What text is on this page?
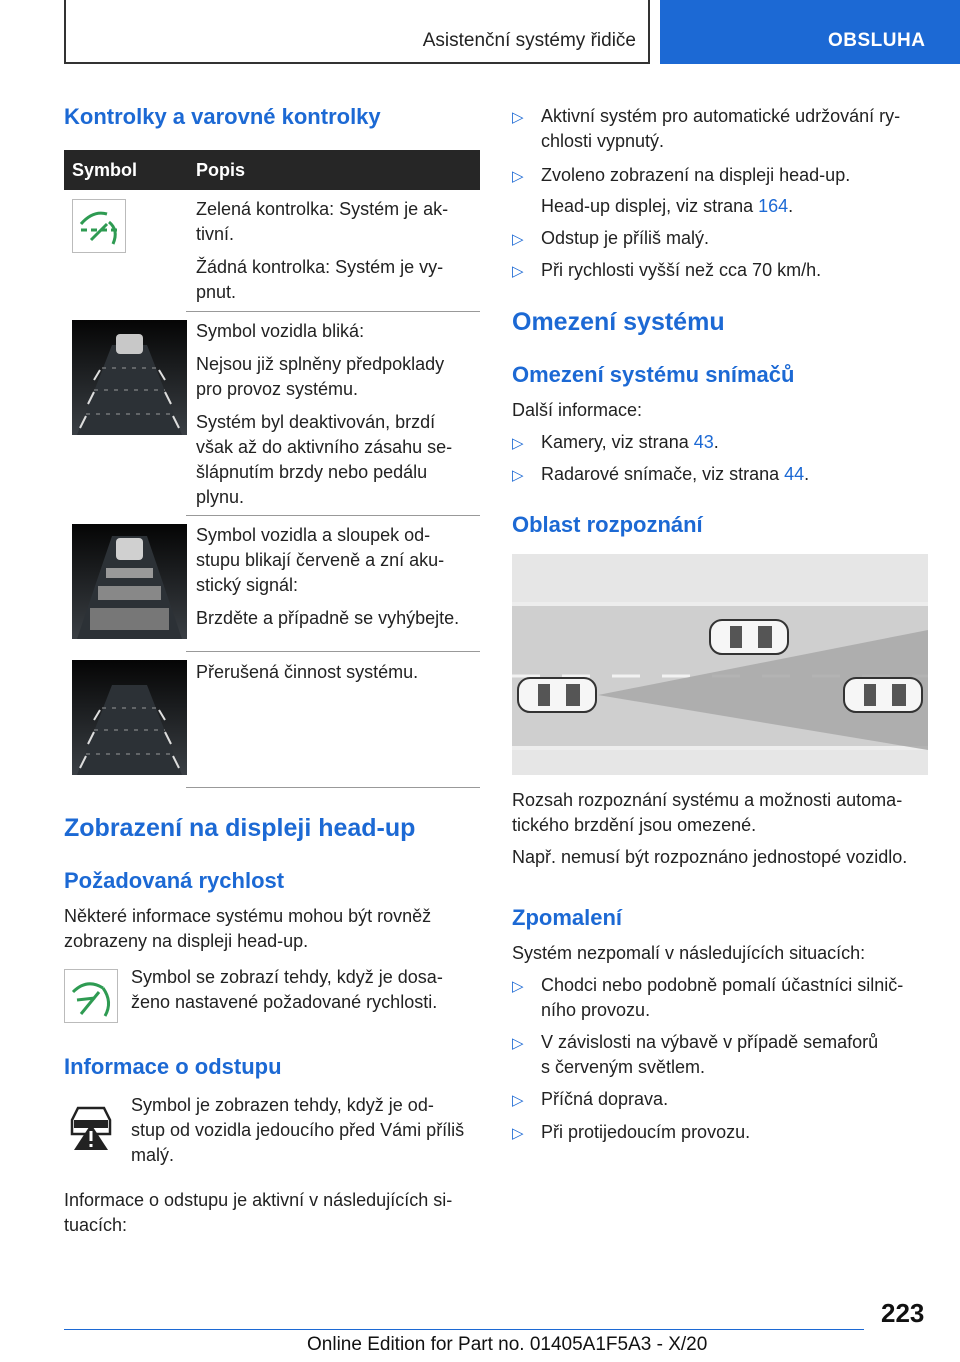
Asistenční systémy řidiče	OBSLUHA
Kontrolky a varovné kontrolky
Symbol	Popis
Zelená kontrolka: Systém je ak-
tivní.
Žádná kontrolka: Systém je vy-
pnut.
Symbol vozidla bliká:
Nejsou již splněny předpoklady
pro provoz systému.
Systém byl deaktivován, brzdí
však až do aktivního zásahu se-
šlápnutím brzdy nebo pedálu
plynu.
Symbol vozidla a sloupek od-
stupu blikají červeně a zní aku-
stický signál:
Brzděte a případně se vyhýbejte.
Přerušená činnost systému.
Zobrazení na displeji head-up
Požadovaná rychlost
Některé informace systému mohou být rovněž
zobrazeny na displeji head-up.
Symbol se zobrazí tehdy, když je dosa-
ženo nastavené požadované rychlosti.
Informace o odstupu
Symbol je zobrazen tehdy, když je od-
stup od vozidla jedoucího před Vámi příliš
malý.
Informace o odstupu je aktivní v následujících si-
tuacích:
▷ Aktivní systém pro automatické udržování ry-
chlosti vypnutý.
▷ Zvoleno zobrazení na displeji head-up.
Head-up displej, viz strana 164.
▷ Odstup je příliš malý.
▷ Při rychlosti vyšší než cca 70 km/h.
Omezení systému
Omezení systému snímačů
Další informace:
▷ Kamery, viz strana 43.
▷ Radarové snímače, viz strana 44.
Oblast rozpoznání
Rozsah rozpoznání systému a možnosti automa-
tického brzdění jsou omezené.
Např. nemusí být rozpoznáno jednostopé vozidlo.
Zpomalení
Systém nezpomalí v následujících situacích:
▷ Chodci nebo podobně pomalí účastníci silnič-
ního provozu.
▷ V závislosti na výbavě v případě semaforů
s červeným světlem.
▷ Příčná doprava.
▷ Při protijedoucím provozu.
223
Online Edition for Part no. 01405A1F5A3 - X/20
